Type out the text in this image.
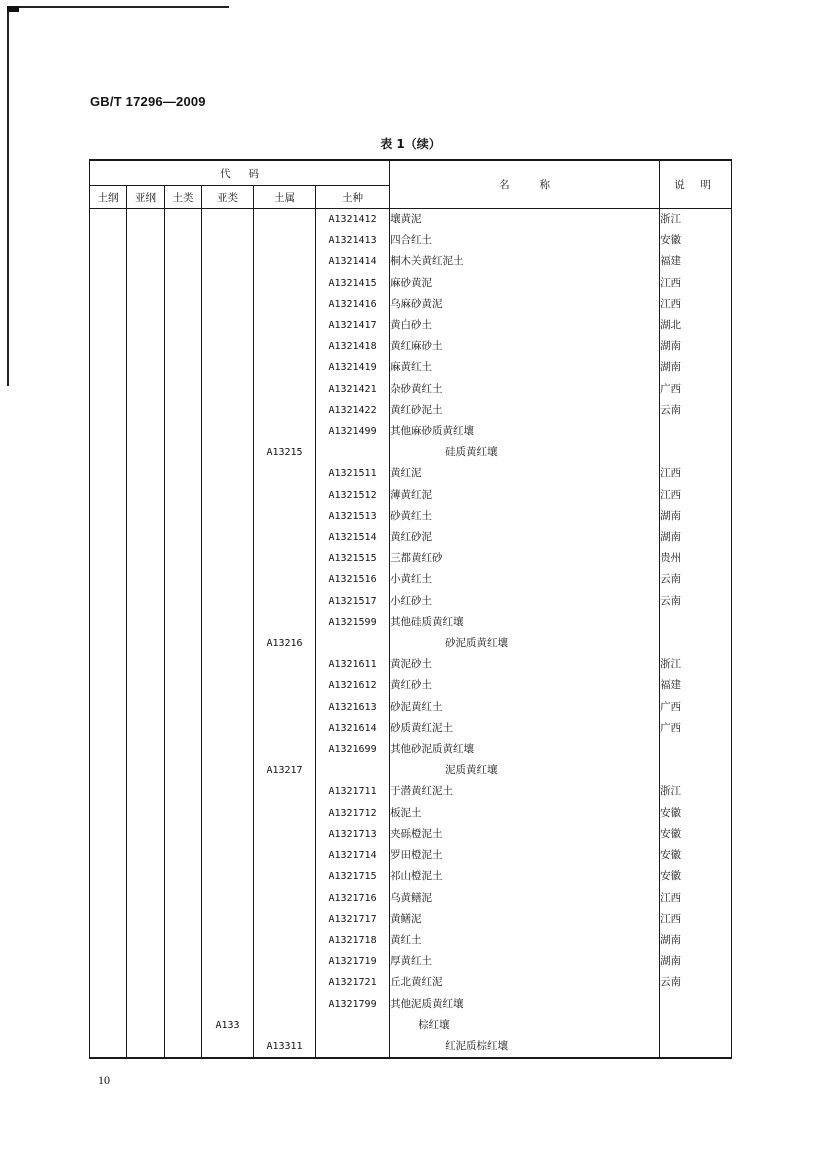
GB/T 17296—2009
表 1（续）
代码						名称	说明
土纲	亚纲	土类	亚类	土属	土种		
					A1321412	壤黄泥	浙江
					A1321413	四合红土	安徽
					A1321414	桐木关黄红泥土	福建
					A1321415	麻砂黄泥	江西
					A1321416	乌麻砂黄泥	江西
					A1321417	黄白砂土	湖北
					A1321418	黄红麻砂土	湖南
					A1321419	麻黄红土	湖南
					A1321421	杂砂黄红土	广西
					A1321422	黄红砂泥土	云南
					A1321499	其他麻砂质黄红壤	
				A13215		硅质黄红壤	
					A1321511	黄红泥	江西
					A1321512	薄黄红泥	江西
					A1321513	砂黄红土	湖南
					A1321514	黄红砂泥	湖南
					A1321515	三都黄红砂	贵州
					A1321516	小黄红土	云南
					A1321517	小红砂土	云南
					A1321599	其他硅质黄红壤	
				A13216		砂泥质黄红壤	
					A1321611	黄泥砂土	浙江
					A1321612	黄红砂土	福建
					A1321613	砂泥黄红土	广西
					A1321614	砂质黄红泥土	广西
					A1321699	其他砂泥质黄红壤	
				A13217		泥质黄红壤	
					A1321711	于潜黄红泥土	浙江
					A1321712	板泥土	安徽
					A1321713	夹砾橙泥土	安徽
					A1321714	罗田橙泥土	安徽
					A1321715	祁山橙泥土	安徽
					A1321716	乌黄鳝泥	江西
					A1321717	黄鳝泥	江西
					A1321718	黄红土	湖南
					A1321719	厚黄红土	湖南
					A1321721	丘北黄红泥	云南
					A1321799	其他泥质黄红壤	
			A133			棕红壤	
				A13311		红泥质棕红壤	
10
